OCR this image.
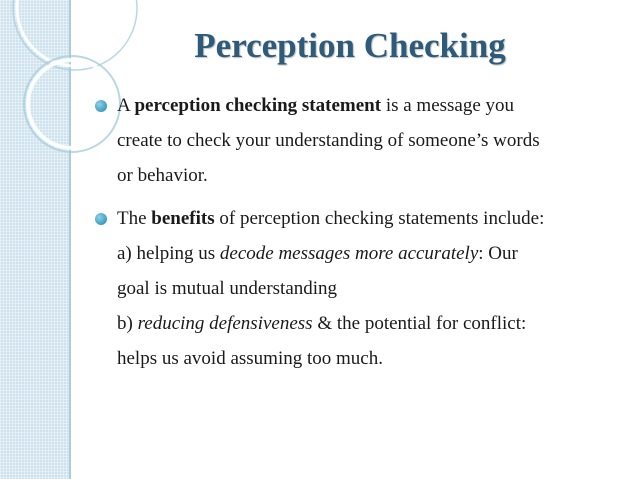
Perception Checking
A perception checking statement is a message you
create to check your understanding of someone’s words
or behavior.
The benefits of perception checking statements include:
a) helping us decode messages more accurately: Our
goal is mutual understanding
b) reducing defensiveness & the potential for conflict:
helps us avoid assuming too much.
